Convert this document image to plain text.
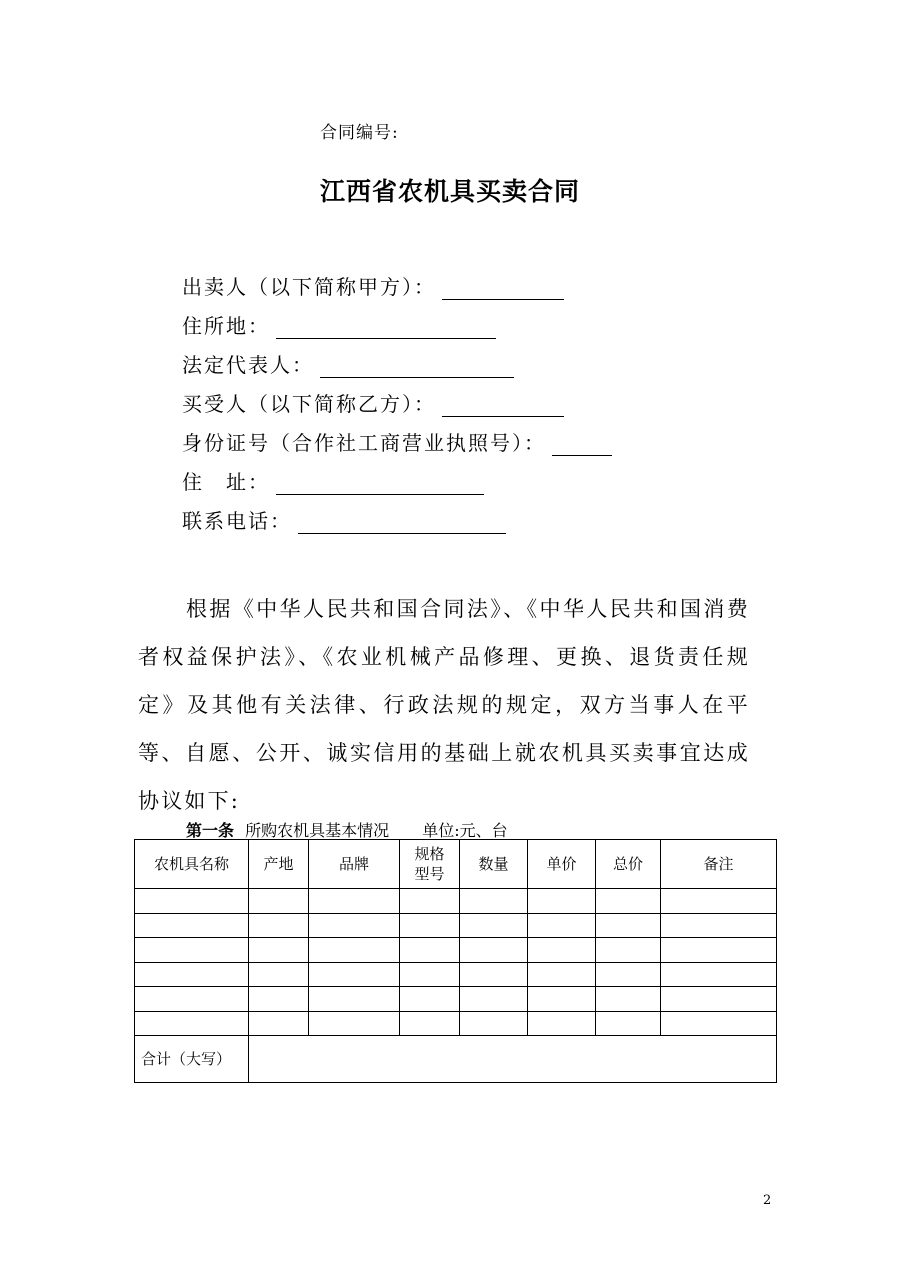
合同编号:
江西省农机具买卖合同
出卖人（以下简称甲方）：
住所地：
法定代表人：
买受人（以下简称乙方）：
身份证号（合作社工商营业执照号）：
住　址：
联系电话：
根据《中华人民共和国合同法》、《中华人民共和国消费者权益保护法》、《农业机械产品修理、更换、退货责任规定》及其他有关法律、行政法规的规定，双方当事人在平等、自愿、公开、诚实信用的基础上就农机具买卖事宜达成协议如下:
第一条 所购农机具基本情况 单位:元、台
农机具名称	产地	品牌	规格型号	数量	单价	总价	备注

合计（大写）							
2
